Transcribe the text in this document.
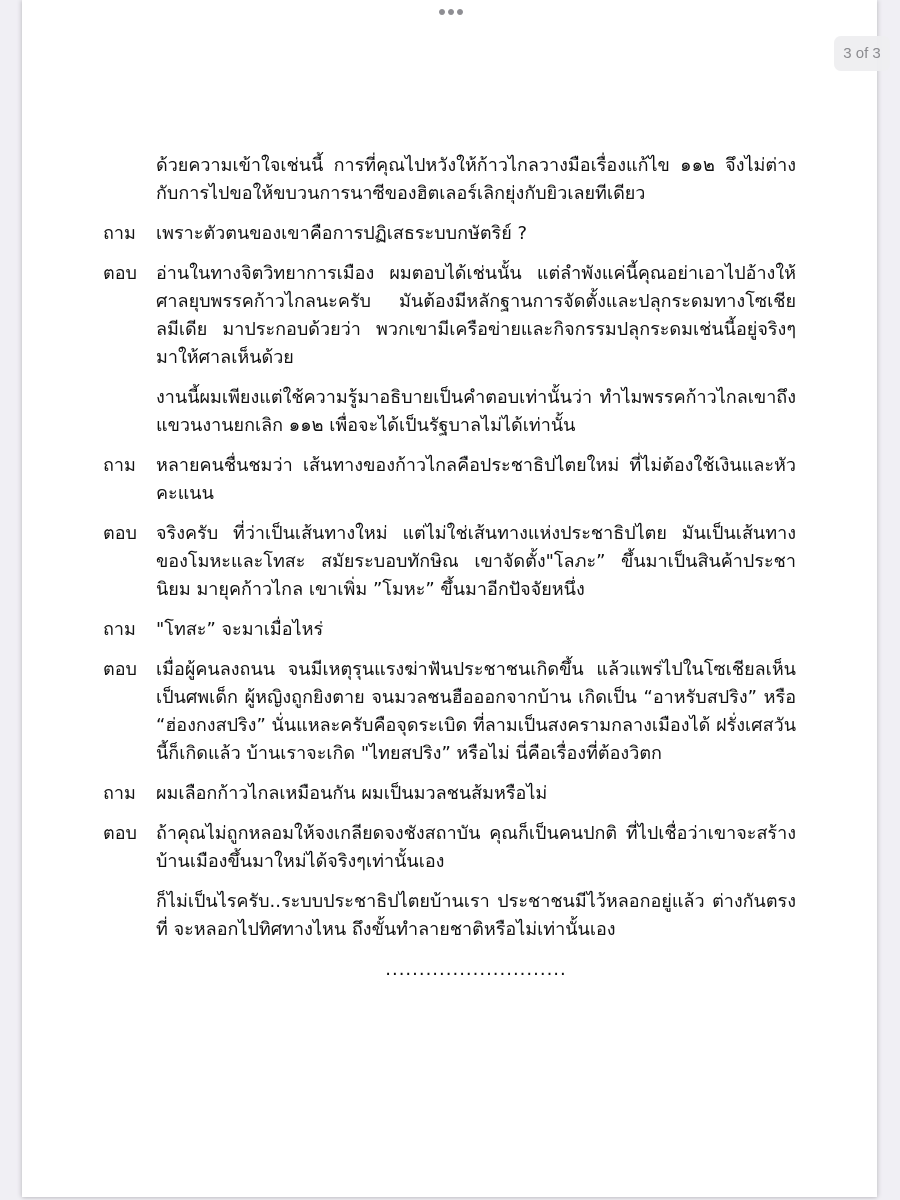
3 of 3
ด้วยความเข้าใจเช่นนี้ การที่คุณไปหวังให้ก้าวไกลวางมือเรื่องแก้ไข ๑๑๒ จึงไม่ต่างกับการไปขอให้ขบวนการนาซีของฮิตเลอร์เลิกยุ่งกับยิวเลยทีเดียว
ถาม	เพราะตัวตนของเขาคือการปฏิเสธระบบกษัตริย์ ?
ตอบ	อ่านในทางจิตวิทยาการเมือง ผมตอบได้เช่นนั้น แต่ลำพังแค่นี้คุณอย่าเอาไปอ้างให้ศาลยุบพรรคก้าวไกลนะครับ มันต้องมีหลักฐานการจัดตั้งและปลุกระดมทางโซเชียลมีเดีย มาประกอบด้วยว่า พวกเขามีเครือข่ายและกิจกรรมปลุกระดมเช่นนี้อยู่จริงๆ มาให้ศาลเห็นด้วย
งานนี้ผมเพียงแต่ใช้ความรู้มาอธิบายเป็นคำตอบเท่านั้นว่า ทำไมพรรคก้าวไกลเขาถึงแขวนงานยกเลิก ๑๑๒ เพื่อจะได้เป็นรัฐบาลไม่ได้เท่านั้น
ถาม	หลายคนชื่นชมว่า เส้นทางของก้าวไกลคือประชาธิปไตยใหม่ ที่ไม่ต้องใช้เงินและหัวคะแนน
ตอบ	จริงครับ ที่ว่าเป็นเส้นทางใหม่ แต่ไม่ใช่เส้นทางแห่งประชาธิปไตย มันเป็นเส้นทางของโมหะและโทสะ สมัยระบอบทักษิณ เขาจัดตั้ง"โลภะ” ขึ้นมาเป็นสินค้าประชานิยม มายุคก้าวไกล เขาเพิ่ม ”โมหะ” ขึ้นมาอีกปัจจัยหนึ่ง
ถาม	"โทสะ” จะมาเมื่อไหร่
ตอบ	เมื่อผู้คนลงถนน จนมีเหตุรุนแรงฆ่าฟันประชาชนเกิดขึ้น แล้วแพร่ไปในโซเชียลเห็นเป็นศพเด็ก ผู้หญิงถูกยิงตาย จนมวลชนฮือออกจากบ้าน เกิดเป็น “อาหรับสปริง” หรือ “ฮ่องกงสปริง” นั่นแหละครับคือจุดระเบิด ที่ลามเป็นสงครามกลางเมืองได้ ฝรั่งเศสวันนี้ก็เกิดแล้ว บ้านเราจะเกิด "ไทยสปริง” หรือไม่ นี่คือเรื่องที่ต้องวิตก
ถาม	ผมเลือกก้าวไกลเหมือนกัน ผมเป็นมวลชนส้มหรือไม่
ตอบ	ถ้าคุณไม่ถูกหลอมให้จงเกลียดจงชังสถาบัน คุณก็เป็นคนปกติ ที่ไปเชื่อว่าเขาจะสร้างบ้านเมืองขึ้นมาใหม่ได้จริงๆเท่านั้นเอง
ก็ไม่เป็นไรครับ..ระบบประชาธิปไตยบ้านเรา ประชาชนมีไว้หลอกอยู่แล้ว ต่างกันตรงที่ จะหลอกไปทิศทางไหน ถึงขั้นทำลายชาติหรือไม่เท่านั้นเอง
...........................
